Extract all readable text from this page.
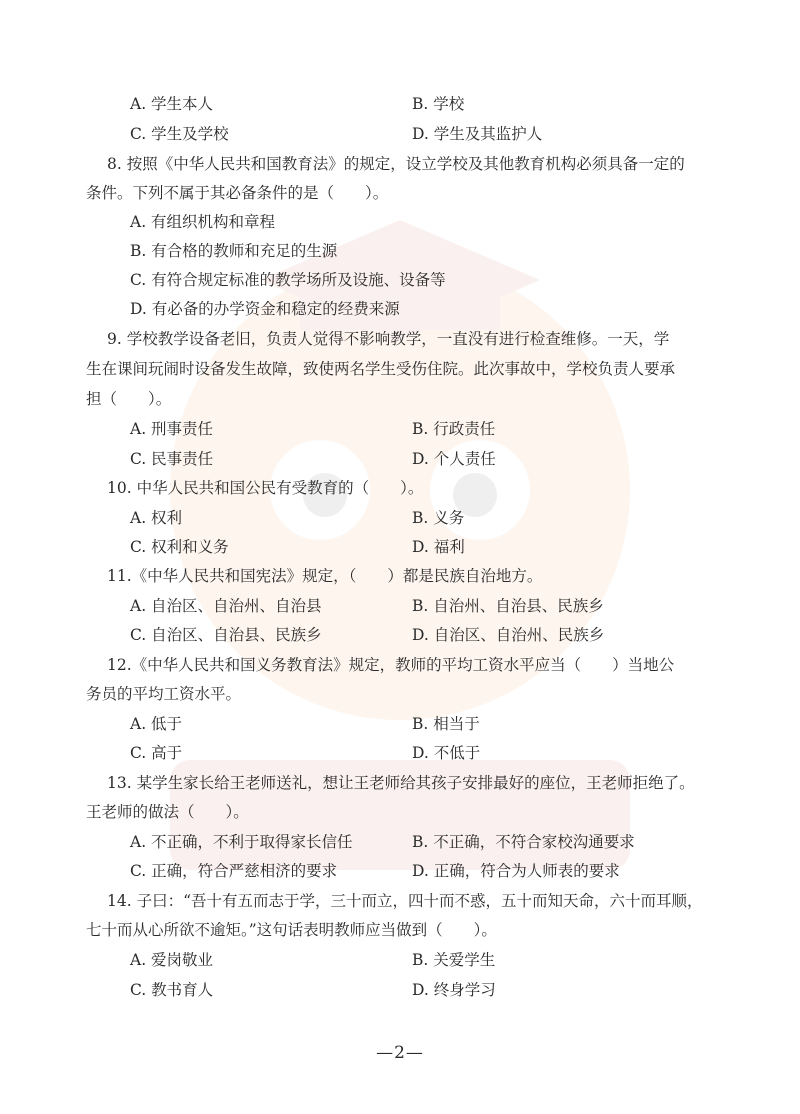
A. 学生本人	B. 学校
C. 学生及学校	D. 学生及其监护人
8. 按照《中华人民共和国教育法》的规定，设立学校及其他教育机构必须具备一定的
条件。下列不属于其必备条件的是（　　）。
A. 有组织机构和章程
B. 有合格的教师和充足的生源
C. 有符合规定标准的教学场所及设施、设备等
D. 有必备的办学资金和稳定的经费来源
9. 学校教学设备老旧，负责人觉得不影响教学，一直没有进行检查维修。一天，学
生在课间玩闹时设备发生故障，致使两名学生受伤住院。此次事故中，学校负责人要承
担（　　）。
A. 刑事责任	B. 行政责任
C. 民事责任	D. 个人责任
10. 中华人民共和国公民有受教育的（　　）。
A. 权利	B. 义务
C. 权利和义务	D. 福利
11.《中华人民共和国宪法》规定，（　　）都是民族自治地方。
A. 自治区、自治州、自治县	B. 自治州、自治县、民族乡
C. 自治区、自治县、民族乡	D. 自治区、自治州、民族乡
12.《中华人民共和国义务教育法》规定，教师的平均工资水平应当（　　）当地公
务员的平均工资水平。
A. 低于	B. 相当于
C. 高于	D. 不低于
13. 某学生家长给王老师送礼，想让王老师给其孩子安排最好的座位，王老师拒绝了。
王老师的做法（　　）。
A. 不正确，不利于取得家长信任	B. 不正确，不符合家校沟通要求
C. 正确，符合严慈相济的要求	D. 正确，符合为人师表的要求
14. 子曰：“吾十有五而志于学，三十而立，四十而不惑，五十而知天命，六十而耳顺，
七十而从心所欲不逾矩。”这句话表明教师应当做到（　　）。
A. 爱岗敬业	B. 关爱学生
C. 教书育人	D. 终身学习
—2—
